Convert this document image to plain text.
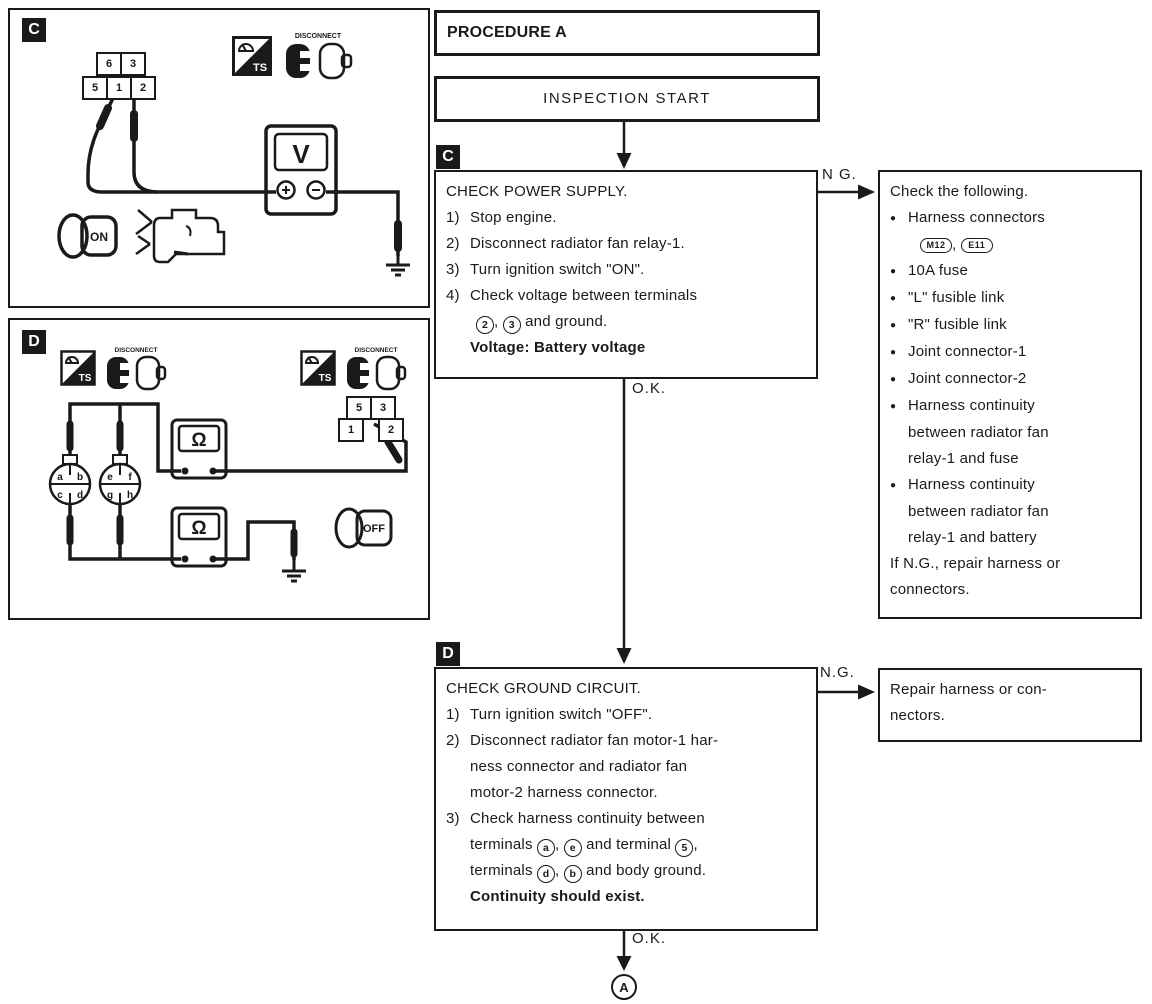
C
6	3
5	1	2
TS
DISCONNECT
V
ON
D
TS
DISCONNECT
TS
DISCONNECT
5	3
1	2
a b
c d
e f
g h
Ω
Ω	OFF
PROCEDURE A
INSPECTION START
C
CHECK POWER SUPPLY.
1) Stop engine.
2) Disconnect radiator fan relay-1.
3) Turn ignition switch "ON".
4) Check voltage between terminals
2 , 3 and ground.
Voltage: Battery voltage
N G.
O.K.
Check the following.
● Harness connectors
M12 , E11
● 10A fuse
● "L" fusible link
● "R" fusible link
● Joint connector-1
● Joint connector-2
● Harness continuity
between radiator fan
relay-1 and fuse
● Harness continuity
between radiator fan
relay-1 and battery
If N.G., repair harness or
connectors.
D
CHECK GROUND CIRCUIT.
1) Turn ignition switch "OFF".
2) Disconnect radiator fan motor-1 har-
ness connector and radiator fan
motor-2 harness connector.
3) Check harness continuity between
terminals a , e and terminal 5 ,
terminals d , b and body ground.
Continuity should exist.
N.G.
O.K.
Repair harness or con-
nectors.
A
